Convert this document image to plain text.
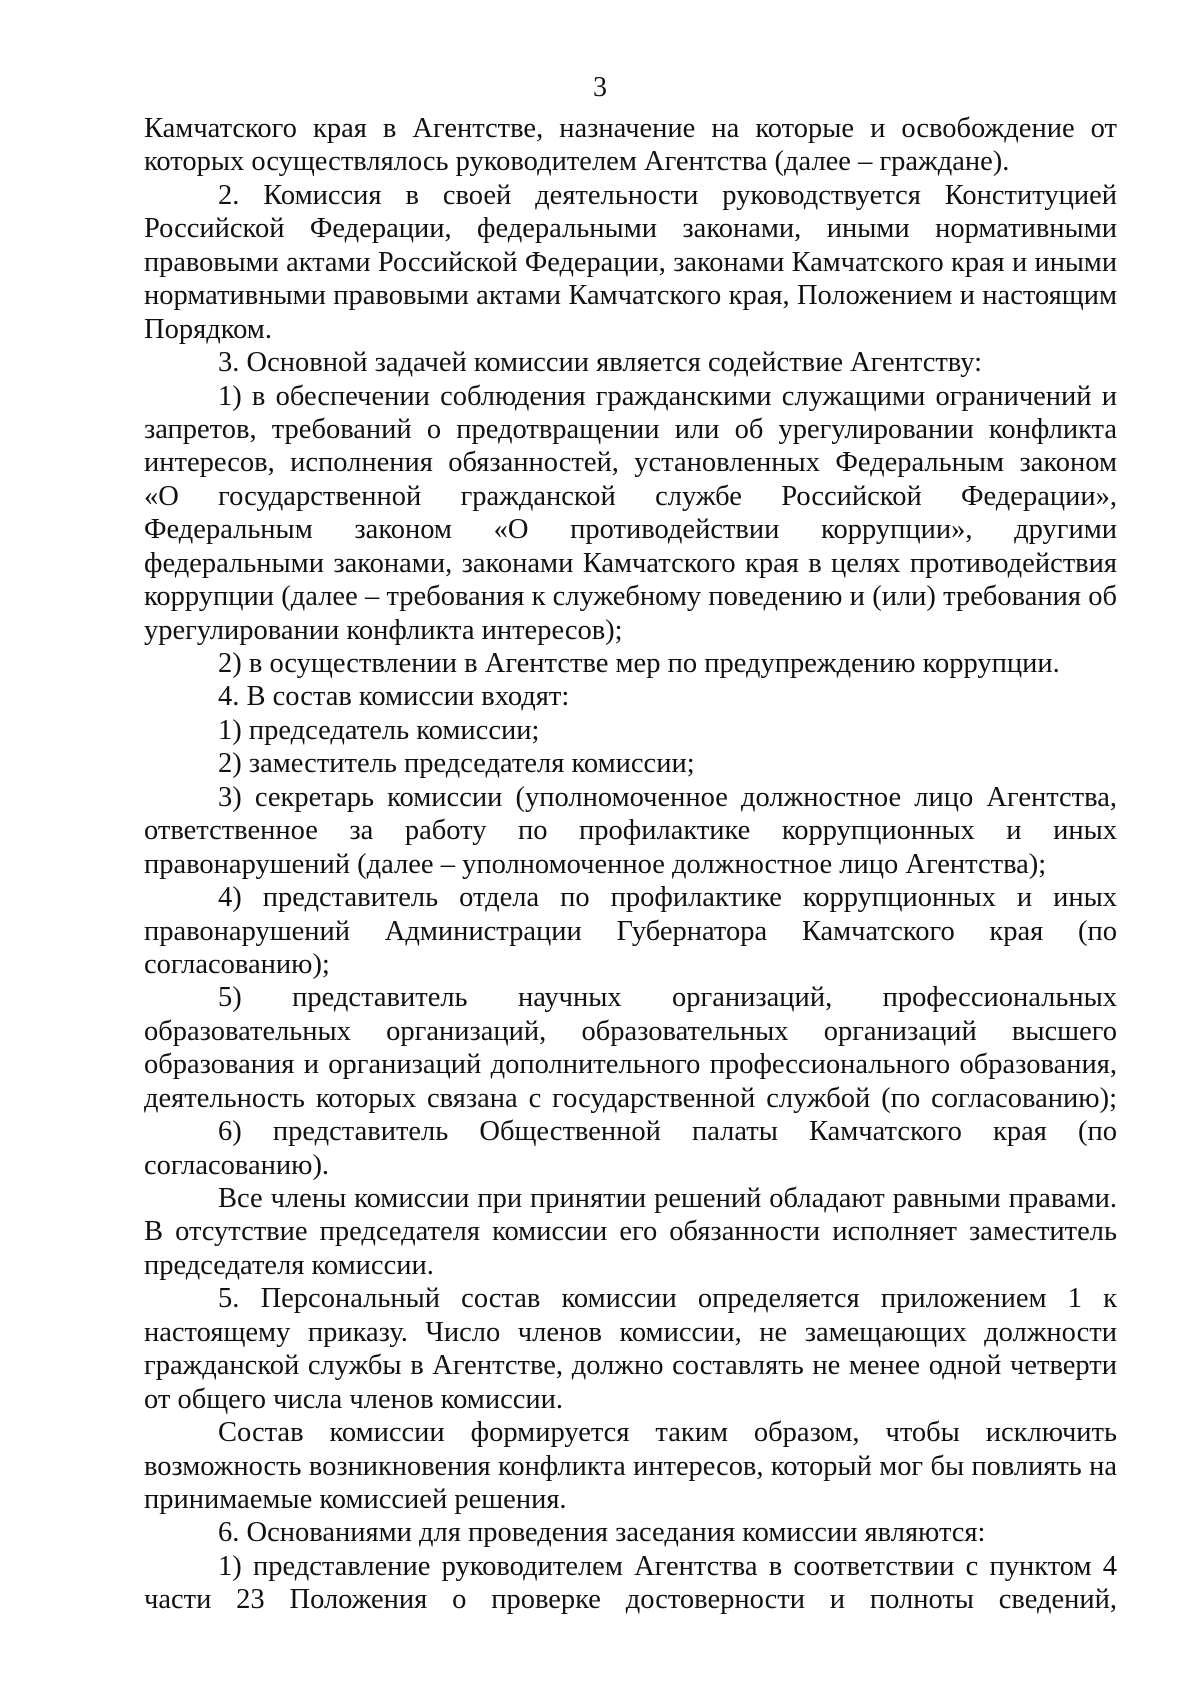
3
Камчатского края в Агентстве, назначение на которые и освобождение от
которых осуществлялось руководителем Агентства (далее – граждане).
2. Комиссия в своей деятельности руководствуется Конституцией
Российской Федерации, федеральными законами, иными нормативными
правовыми актами Российской Федерации, законами Камчатского края и иными
нормативными правовыми актами Камчатского края, Положением и настоящим
Порядком.
3. Основной задачей комиссии является содействие Агентству:
1) в обеспечении соблюдения гражданскими служащими ограничений и
запретов, требований о предотвращении или об урегулировании конфликта
интересов, исполнения обязанностей, установленных Федеральным законом
«О государственной гражданской службе Российской Федерации»,
Федеральным законом «О противодействии коррупции», другими
федеральными законами, законами Камчатского края в целях противодействия
коррупции (далее – требования к служебному поведению и (или) требования об
урегулировании конфликта интересов);
2) в осуществлении в Агентстве мер по предупреждению коррупции.
4. В состав комиссии входят:
1) председатель комиссии;
2) заместитель председателя комиссии;
3) секретарь комиссии (уполномоченное должностное лицо Агентства,
ответственное за работу по профилактике коррупционных и иных
правонарушений (далее – уполномоченное должностное лицо Агентства);
4) представитель отдела по профилактике коррупционных и иных
правонарушений Администрации Губернатора Камчатского края (по
согласованию);
5) представитель научных организаций, профессиональных
образовательных организаций, образовательных организаций высшего
образования и организаций дополнительного профессионального образования,
деятельность которых связана с государственной службой (по согласованию);
6) представитель Общественной палаты Камчатского края (по
согласованию).
Все члены комиссии при принятии решений обладают равными правами.
В отсутствие председателя комиссии его обязанности исполняет заместитель
председателя комиссии.
5. Персональный состав комиссии определяется приложением 1 к
настоящему приказу. Число членов комиссии, не замещающих должности
гражданской службы в Агентстве, должно составлять не менее одной четверти
от общего числа членов комиссии.
Состав комиссии формируется таким образом, чтобы исключить
возможность возникновения конфликта интересов, который мог бы повлиять на
принимаемые комиссией решения.
6. Основаниями для проведения заседания комиссии являются:
1) представление руководителем Агентства в соответствии с пунктом 4
части 23 Положения о проверке достоверности и полноты сведений,
